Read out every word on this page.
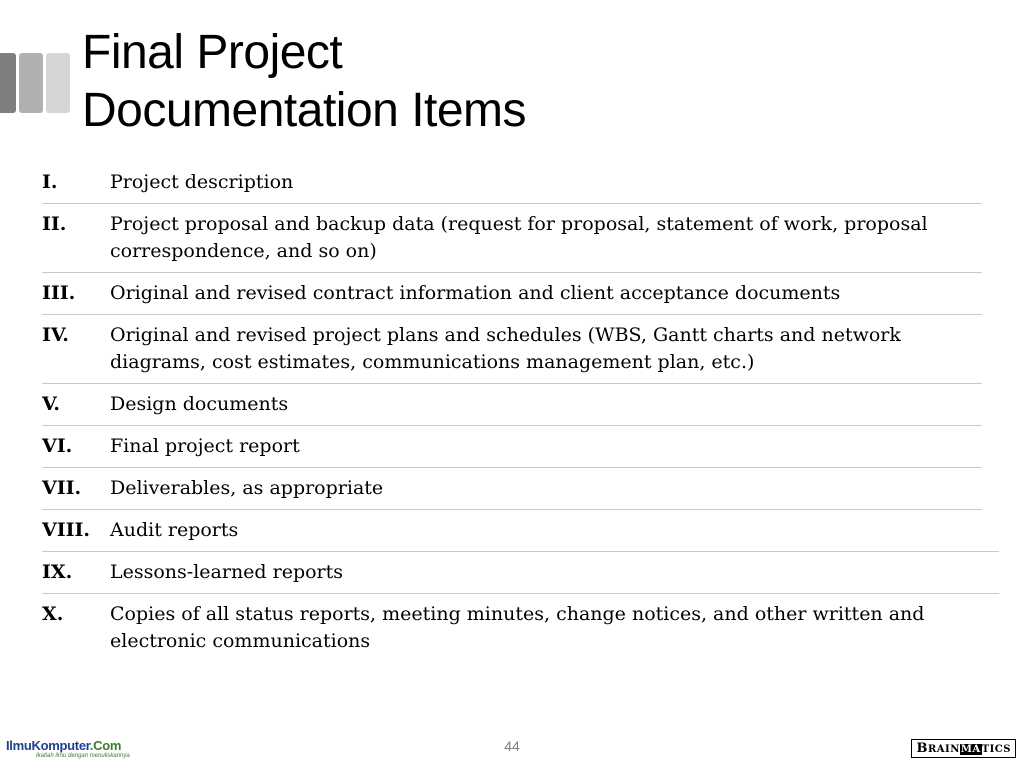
Final Project
Documentation Items
I.	Project description
II.	Project proposal and backup data (request for proposal, statement of work, proposal correspondence, and so on)
III.	Original and revised contract information and client acceptance documents
IV.	Original and revised project plans and schedules (WBS, Gantt charts and network diagrams, cost estimates, communications management plan, etc.)
V.	Design documents
VI.	Final project report
VII.	Deliverables, as appropriate
VIII.	Audit reports
IX.	Lessons-learned reports
X.	Copies of all status reports, meeting minutes, change notices, and other written and electronic communications
IlmuKomputer.Com
Ikatlah ilmu dengan menuliskannya
44	BRAINMATICS
